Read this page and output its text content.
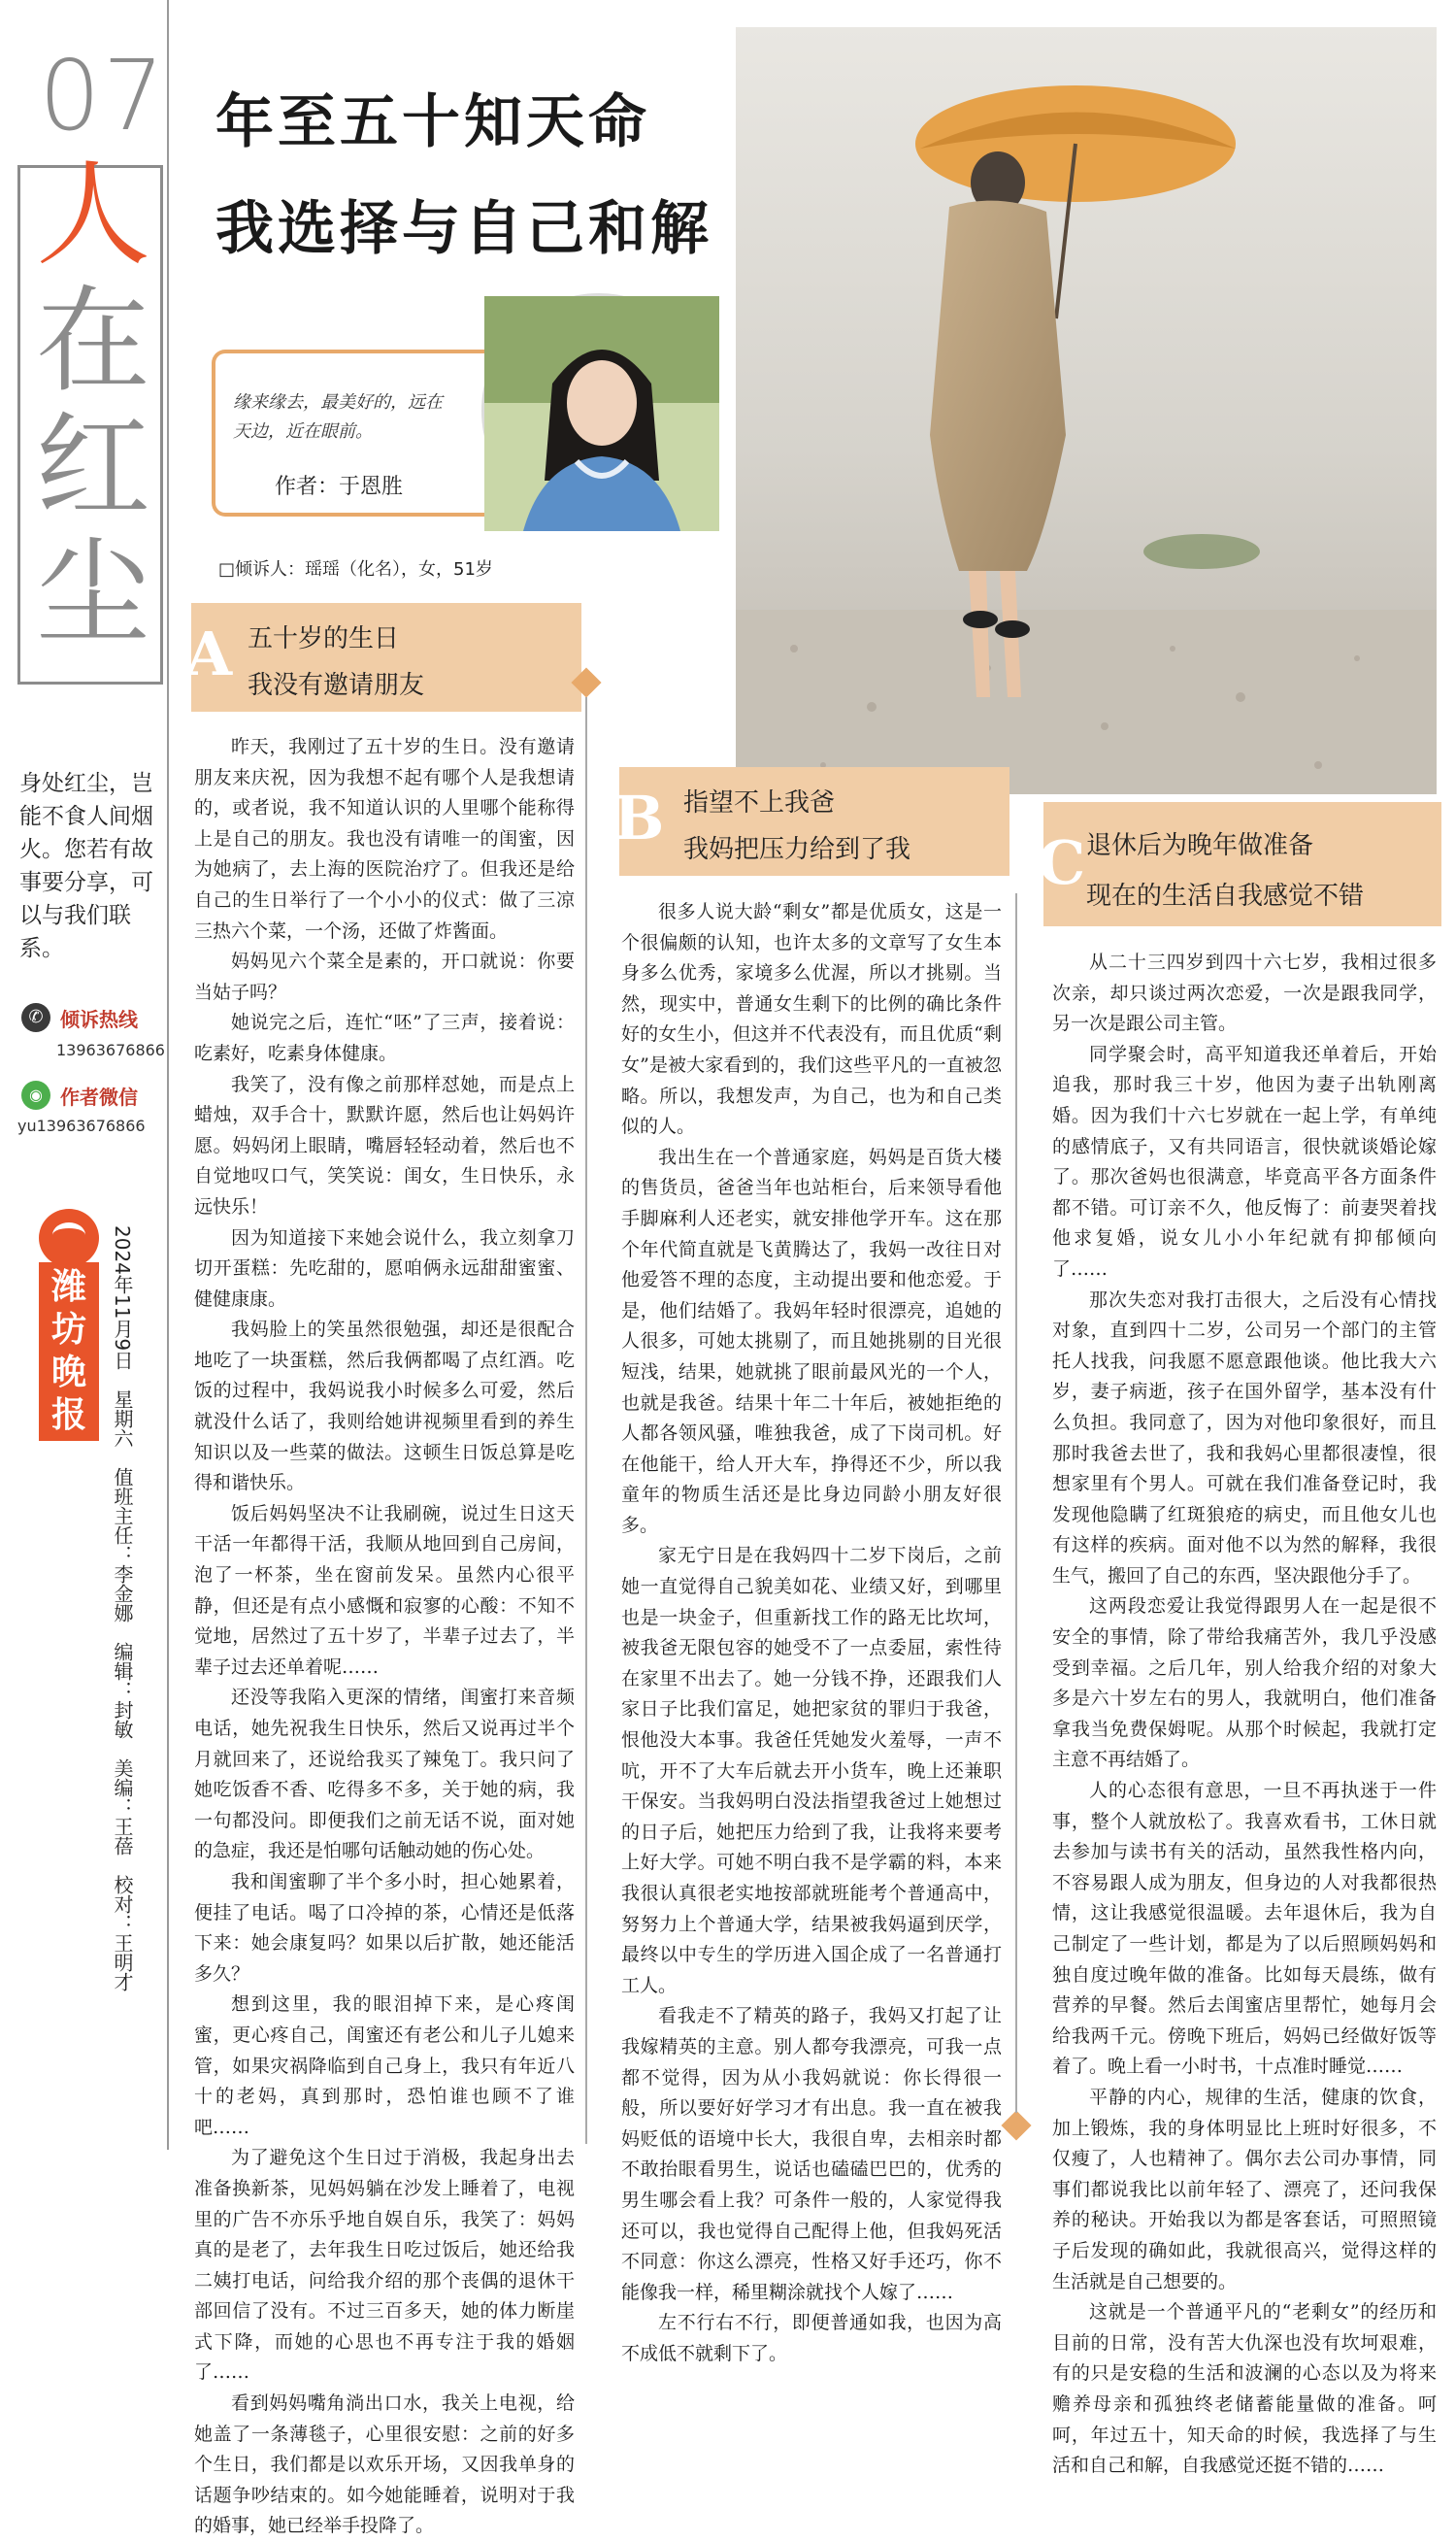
07
人
在
红
尘
身处红尘，岂能不食人间烟火。您若有故事要分享，可以与我们联系。
✆ 倾诉热线
13963676866
◉ 作者微信
yu13963676866
潍
坊
晚
报	2024年11月9日　星期六　值班主任：李金娜　编辑：封敏　美编：王蓓　校对：王明才
年至五十知天命
我选择与自己和解
缘来缘去，最美好的，远在天边，近在眼前。
作者：于恩胜
□倾诉人：瑶瑶（化名），女，51岁
A 五十岁的生日
我没有邀请朋友

昨天，我刚过了五十岁的生日。没有邀请朋友来庆祝，因为我想不起有哪个人是我想请的，或者说，我不知道认识的人里哪个能称得上是自己的朋友。我也没有请唯一的闺蜜，因为她病了，去上海的医院治疗了。但我还是给自己的生日举行了一个小小的仪式：做了三凉三热六个菜，一个汤，还做了炸酱面。

妈妈见六个菜全是素的，开口就说：你要当姑子吗？

她说完之后，连忙“呸”了三声，接着说：吃素好，吃素身体健康。

我笑了，没有像之前那样怼她，而是点上蜡烛，双手合十，默默许愿，然后也让妈妈许愿。妈妈闭上眼睛，嘴唇轻轻动着，然后也不自觉地叹口气，笑笑说：闺女，生日快乐，永远快乐！

因为知道接下来她会说什么，我立刻拿刀切开蛋糕：先吃甜的，愿咱俩永远甜甜蜜蜜、健健康康。

我妈脸上的笑虽然很勉强，却还是很配合地吃了一块蛋糕，然后我俩都喝了点红酒。吃饭的过程中，我妈说我小时候多么可爱，然后就没什么话了，我则给她讲视频里看到的养生知识以及一些菜的做法。这顿生日饭总算是吃得和谐快乐。

饭后妈妈坚决不让我刷碗，说过生日这天干活一年都得干活，我顺从地回到自己房间，泡了一杯茶，坐在窗前发呆。虽然内心很平静，但还是有点小感慨和寂寥的心酸：不知不觉地，居然过了五十岁了，半辈子过去了，半辈子过去还单着呢……

还没等我陷入更深的情绪，闺蜜打来音频电话，她先祝我生日快乐，然后又说再过半个月就回来了，还说给我买了辣兔丁。我只问了她吃饭香不香、吃得多不多，关于她的病，我一句都没问。即便我们之前无话不说，面对她的急症，我还是怕哪句话触动她的伤心处。

我和闺蜜聊了半个多小时，担心她累着，便挂了电话。喝了口冷掉的茶，心情还是低落下来：她会康复吗？如果以后扩散，她还能活多久？

想到这里，我的眼泪掉下来，是心疼闺蜜，更心疼自己，闺蜜还有老公和儿子儿媳来管，如果灾祸降临到自己身上，我只有年近八十的老妈，真到那时，恐怕谁也顾不了谁吧……

为了避免这个生日过于消极，我起身出去准备换新茶，见妈妈躺在沙发上睡着了，电视里的广告不亦乐乎地自娱自乐，我笑了：妈妈真的是老了，去年我生日吃过饭后，她还给我二姨打电话，问给我介绍的那个丧偶的退休干部回信了没有。不过三百多天，她的体力断崖式下降，而她的心思也不再专注于我的婚姻了……

看到妈妈嘴角淌出口水，我关上电视，给她盖了一条薄毯子，心里很安慰：之前的好多个生日，我们都是以欢乐开场，又因我单身的话题争吵结束的。如今她能睡着，说明对于我的婚事，她已经举手投降了。

B 指望不上我爸
我妈把压力给到了我

很多人说大龄“剩女”都是优质女，这是一个很偏颇的认知，也许太多的文章写了女生本身多么优秀，家境多么优渥，所以才挑剔。当然，现实中，普通女生剩下的比例的确比条件好的女生小，但这并不代表没有，而且优质“剩女”是被大家看到的，我们这些平凡的一直被忽略。所以，我想发声，为自己，也为和自己类似的人。

我出生在一个普通家庭，妈妈是百货大楼的售货员，爸爸当年也站柜台，后来领导看他手脚麻利人还老实，就安排他学开车。这在那个年代简直就是飞黄腾达了，我妈一改往日对他爱答不理的态度，主动提出要和他恋爱。于是，他们结婚了。我妈年轻时很漂亮，追她的人很多，可她太挑剔了，而且她挑剔的目光很短浅，结果，她就挑了眼前最风光的一个人，也就是我爸。结果十年二十年后，被她拒绝的人都各领风骚，唯独我爸，成了下岗司机。好在他能干，给人开大车，挣得还不少，所以我童年的物质生活还是比身边同龄小朋友好很多。

家无宁日是在我妈四十二岁下岗后，之前她一直觉得自己貌美如花、业绩又好，到哪里也是一块金子，但重新找工作的路无比坎坷，被我爸无限包容的她受不了一点委屈，索性待在家里不出去了。她一分钱不挣，还跟我们人家日子比我们富足，她把家贫的罪归于我爸，恨他没大本事。我爸任凭她发火羞辱，一声不吭，开不了大车后就去开小货车，晚上还兼职干保安。当我妈明白没法指望我爸过上她想过的日子后，她把压力给到了我，让我将来要考上好大学。可她不明白我不是学霸的料，本来我很认真很老实地按部就班能考个普通高中，努努力上个普通大学，结果被我妈逼到厌学，最终以中专生的学历进入国企成了一名普通打工人。

看我走不了精英的路子，我妈又打起了让我嫁精英的主意。别人都夸我漂亮，可我一点都不觉得，因为从小我妈就说：你长得很一般，所以要好好学习才有出息。我一直在被我妈贬低的语境中长大，我很自卑，去相亲时都不敢抬眼看男生，说话也磕磕巴巴的，优秀的男生哪会看上我？可条件一般的，人家觉得我还可以，我也觉得自己配得上他，但我妈死活不同意：你这么漂亮，性格又好手还巧，你不能像我一样，稀里糊涂就找个人嫁了……

左不行右不行，即便普通如我，也因为高不成低不就剩下了。

C 退休后为晚年做准备
现在的生活自我感觉不错

从二十三四岁到四十六七岁，我相过很多次亲，却只谈过两次恋爱，一次是跟我同学，另一次是跟公司主管。

同学聚会时，高平知道我还单着后，开始追我，那时我三十岁，他因为妻子出轨刚离婚。因为我们十六七岁就在一起上学，有单纯的感情底子，又有共同语言，很快就谈婚论嫁了。那次爸妈也很满意，毕竟高平各方面条件都不错。可订亲不久，他反悔了：前妻哭着找他求复婚，说女儿小小年纪就有抑郁倾向了……

那次失恋对我打击很大，之后没有心情找对象，直到四十二岁，公司另一个部门的主管托人找我，问我愿不愿意跟他谈。他比我大六岁，妻子病逝，孩子在国外留学，基本没有什么负担。我同意了，因为对他印象很好，而且那时我爸去世了，我和我妈心里都很凄惶，很想家里有个男人。可就在我们准备登记时，我发现他隐瞒了红斑狼疮的病史，而且他女儿也有这样的疾病。面对他不以为然的解释，我很生气，搬回了自己的东西，坚决跟他分手了。

这两段恋爱让我觉得跟男人在一起是很不安全的事情，除了带给我痛苦外，我几乎没感受到幸福。之后几年，别人给我介绍的对象大多是六十岁左右的男人，我就明白，他们准备拿我当免费保姆呢。从那个时候起，我就打定主意不再结婚了。

人的心态很有意思，一旦不再执迷于一件事，整个人就放松了。我喜欢看书，工休日就去参加与读书有关的活动，虽然我性格内向，不容易跟人成为朋友，但身边的人对我都很热情，这让我感觉很温暖。去年退休后，我为自己制定了一些计划，都是为了以后照顾妈妈和独自度过晚年做的准备。比如每天晨练，做有营养的早餐。然后去闺蜜店里帮忙，她每月会给我两千元。傍晚下班后，妈妈已经做好饭等着了。晚上看一小时书，十点准时睡觉……

平静的内心，规律的生活，健康的饮食，加上锻炼，我的身体明显比上班时好很多，不仅瘦了，人也精神了。偶尔去公司办事情，同事们都说我比以前年轻了、漂亮了，还问我保养的秘诀。开始我以为都是客套话，可照照镜子后发现的确如此，我就很高兴，觉得这样的生活就是自己想要的。

这就是一个普通平凡的“老剩女”的经历和目前的日常，没有苦大仇深也没有坎坷艰难，有的只是安稳的生活和波澜的心态以及为将来赡养母亲和孤独终老储蓄能量做的准备。呵呵，年过五十，知天命的时候，我选择了与生活和自己和解，自我感觉还挺不错的……
